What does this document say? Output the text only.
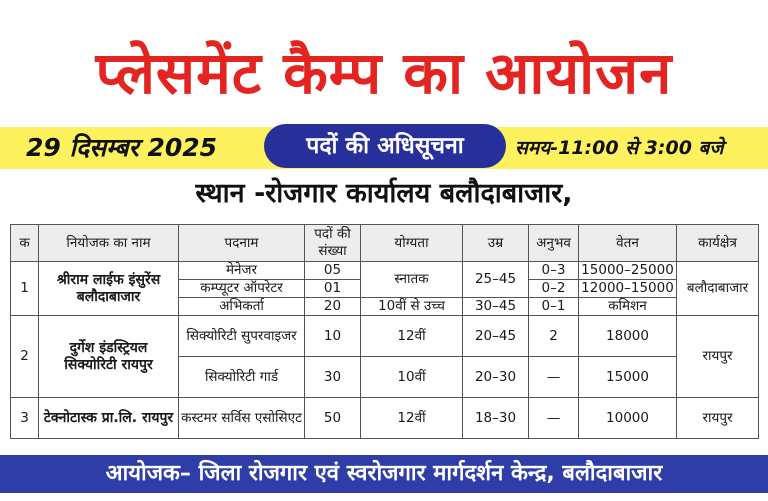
प्लेसमेंट कैम्प का आयोजन
29 दिसम्बर 2025	पदों की अधिसूचना	समय-11:00 से 3:00 बजे
स्थान -रोजगार कार्यालय बलौदाबाजार,
क	नियोजक का नाम	पदनाम	पदों की संख्या	योग्यता	उम्र	अनुभव	वेतन	कार्यक्षेत्र
1	श्रीराम लाईफ इंसुरेंस बलौदाबाजार	मेनेजर	05	स्नातक	25–45	0–3	15000–25000	बलौदाबाजार
		कम्प्यूटर ऑपरेटर	01			0–2	12000–15000	
		अभिकर्ता	20	10वीं से उच्च	30–45	0–1	कमिशन	
2	दुर्गेश इंडस्ट्रियल सिक्योरिटी रायपुर	सिक्योरिटी सुपरवाइजर	10	12वीं	20–45	2	18000	रायपुर
		सिक्योरिटी गार्ड	30	10वीं	20–30	—	15000	
3	टेक्नोटास्क प्रा.लि. रायपुर	कस्टमर सर्विस एसोसिएट	50	12वीं	18–30	—	10000	रायपुर
आयोजक– जिला रोजगार एवं स्वरोजगार मार्गदर्शन केन्द्र, बलौदाबाजार
